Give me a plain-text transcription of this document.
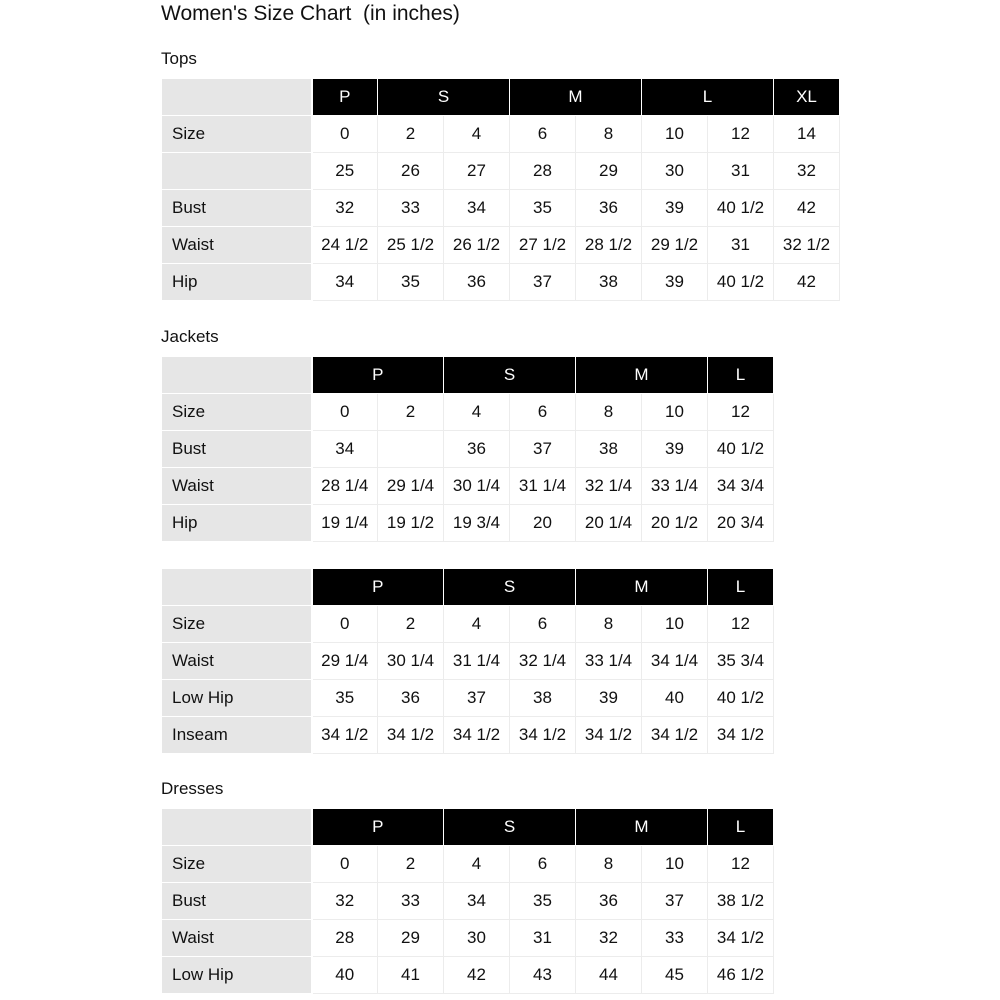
Women's Size Chart  (in inches)
Tops
	P	S		M		L		XL
Size	0	2	4	6	8	10	12	14
	25	26	27	28	29	30	31	32
Bust	32	33	34	35	36	39	40 1/2	42
Waist	24 1/2	25 1/2	26 1/2	27 1/2	28 1/2	29 1/2	31	32 1/2
Hip	34	35	36	37	38	39	40 1/2	42
Jackets
	P		S		M		L
Size	0	2	4	6	8	10	12
Bust	34		36	37	38	39	40 1/2
Waist	28 1/4	29 1/4	30 1/4	31 1/4	32 1/4	33 1/4	34 3/4
Hip	19 1/4	19 1/2	19 3/4	20	20 1/4	20 1/2	20 3/4
	P		S		M		L
Size	0	2	4	6	8	10	12
Waist	29 1/4	30 1/4	31 1/4	32 1/4	33 1/4	34 1/4	35 3/4
Low Hip	35	36	37	38	39	40	40 1/2
Inseam	34 1/2	34 1/2	34 1/2	34 1/2	34 1/2	34 1/2	34 1/2
Dresses
	P		S		M		L
Size	0	2	4	6	8	10	12
Bust	32	33	34	35	36	37	38 1/2
Waist	28	29	30	31	32	33	34 1/2
Low Hip	40	41	42	43	44	45	46 1/2
